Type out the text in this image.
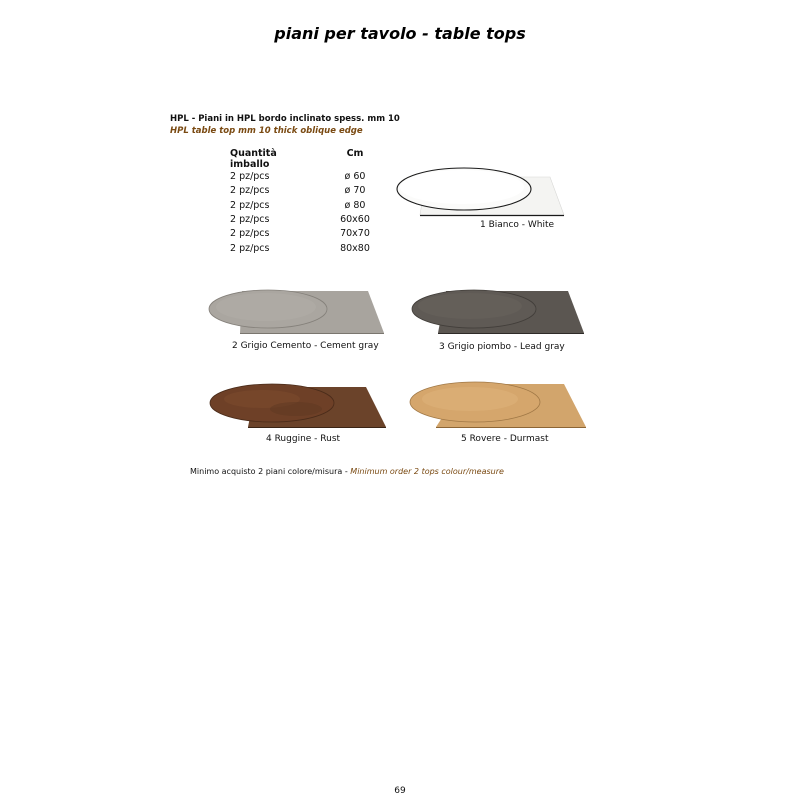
piani per tavolo - table tops
HPL - Piani in HPL bordo inclinato spess. mm 10
HPL table top mm 10 thick oblique edge
Quantità
imballo	Cm
2 pz/pcs	ø 60
2 pz/pcs	ø 70
2 pz/pcs	ø 80
2 pz/pcs	60x60
2 pz/pcs	70x70
2 pz/pcs	80x80
1 Bianco - White
2 Grigio Cemento - Cement gray	3 Grigio piombo - Lead gray
4 Ruggine - Rust	5 Rovere - Durmast
Minimo acquisto 2 piani colore/misura - Minimum order 2 tops colour/measure
69
